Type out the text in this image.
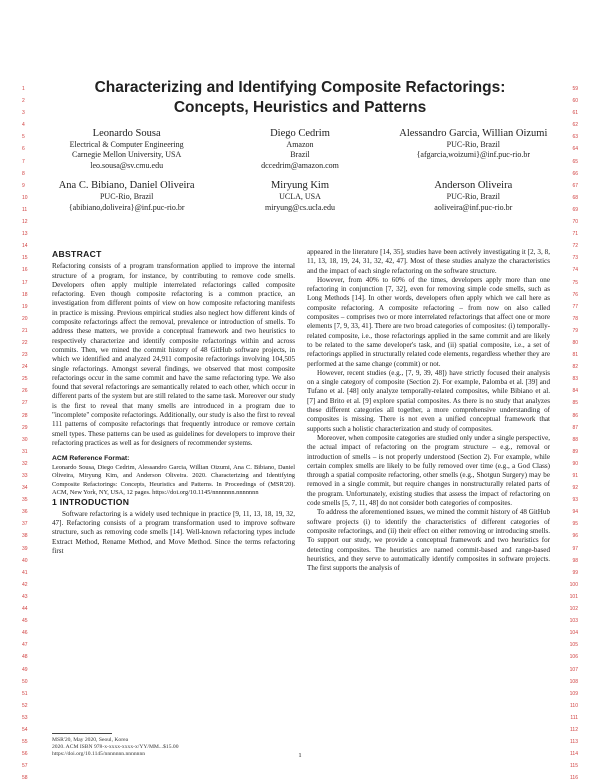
Characterizing and Identifying Composite Refactorings: Concepts, Heuristics and Patterns
Leonardo Sousa
Electrical & Computer Engineering
Carnegie Mellon University, USA
leo.sousa@sv.cmu.edu
Diego Cedrim
Amazon
Brazil
dccedrim@amazon.com
Alessandro Garcia, Willian Oizumi
PUC-Rio, Brazil
{afgarcia,woizumi}@inf.puc-rio.br
Ana C. Bibiano, Daniel Oliveira
PUC-Rio, Brazil
{abibiano,doliveira}@inf.puc-rio.br
Miryung Kim
UCLA, USA
miryung@cs.ucla.edu
Anderson Oliveira
PUC-Rio, Brazil
aoliveira@inf.puc-rio.br
1
2
3
4
5
6
7
8
9
10
11
12
13
14
15
16
17
18
19
20
21
22
23
24
25
26
27
28
29
30
31
32
33
34
35
36
37
38
39
40
41
42
43
44
45
46
47
48
49
50
51
52
53
54
55
56
57
58
59
60
61
62
63
64
65
66
67
68
69
70
71
72
73
74
75
76
77
78
79
80
81
82
83
84
85
86
87
88
89
90
91
92
93
94
95
96
97
98
99
100
101
102
103
104
105
106
107
108
109
110
111
112
113
114
115
116
ABSTRACT

Refactoring consists of a program transformation applied to improve the internal structure of a program, for instance, by contributing to remove code smells. Developers often apply multiple interrelated refactorings called composite refactoring. Even though composite refactoring is a common practice, an investigation from different points of view on how composite refactoring manifests in practice is missing. Previous empirical studies also neglect how different kinds of composite refactorings affect the removal, prevalence or introduction of smells. To address these matters, we provide a conceptual framework and two heuristics to respectively characterize and identify composite refactorings within and across commits. Then, we mined the commit history of 48 GitHub software projects, in which we identified and analyzed 24,911 composite refactorings involving 104,505 single refactorings. Amongst several findings, we observed that most composite refactorings occur in the same commit and have the same refactoring type. We also found that several refactorings are semantically related to each other, which occur in different parts of the system but are still related to the same task. Moreover our study is the first to reveal that many smells are introduced in a program due to "incomplete" composite refactorings. Additionally, our study is also the first to reveal 111 patterns of composite refactorings that frequently introduce or remove certain smell types. These patterns can be used as guidelines for developers to improve their refactoring practices as well as for designers of recommender systems.

ACM Reference Format:

Leonardo Sousa, Diego Cedrim, Alessandro Garcia, Willian Oizumi, Ana C. Bibiano, Daniel Oliveira, Miryung Kim, and Anderson Oliveira. 2020. Characterizing and Identifying Composite Refactorings: Concepts, Heuristics and Patterns. In Proceedings of (MSR'20). ACM, New York, NY, USA, 12 pages. https://doi.org/10.1145/nnnnnnn.nnnnnnn

1 INTRODUCTION

Software refactoring is a widely used technique in practice [9, 11, 13, 18, 19, 32, 47]. Refactoring consists of a program transformation used to improve software structure, such as removing code smells [14]. Well-known refactoring types include Extract Method, Rename Method, and Move Method. Since the terms refactoring first

appeared in the literature [14, 35], studies have been actively investigating it [2, 3, 8, 11, 13, 18, 19, 24, 31, 32, 42, 47]. Most of these studies analyze the characteristics and the impact of each single refactoring on the software structure.

However, from 40% to 60% of the times, developers apply more than one refactoring in conjunction [7, 32], even for removing simple code smells, such as Long Methods [14]. In other words, developers often apply which we call here as composite refactoring. A composite refactoring – from now on also called composites – comprises two or more interrelated refactorings that affect one or more elements [7, 9, 33, 41]. There are two broad categories of composites: (i) temporally-related composite, i.e., those refactorings applied in the same commit and are likely to be related to the same developer's task, and (ii) spatial composite, i.e., a set of refactorings applied in structurally related code elements, regardless whether they are performed at the same change (commit) or not.

However, recent studies (e.g., [7, 9, 39, 48]) have strictly focused their analysis on a single category of composite (Section 2). For example, Palomba et al. [39] and Tufano et al. [48] only analyze temporally-related composites, while Bibiano et al. [7] and Brito et al. [9] explore spatial composites. As there is no study that analyzes these different categories all together, a more comprehensive understanding of composites is missing. There is not even a unified conceptual framework that supports such a holistic characterization and study of composites.

Moreover, when composite categories are studied only under a single perspective, the actual impact of refactoring on the program structure – e.g., removal or introduction of smells – is not properly understood (Section 2). For example, while certain complex smells are likely to be fully removed over time (e.g., a God Class) through a spatial composite refactoring, other smells (e.g., Shotgun Surgery) may be removed in a single commit, but require changes in nonstructurally related parts of the program. Unfortunately, existing studies that assess the impact of refactoring on code smells [5, 7, 11, 48] do not consider both categories of composites.

To address the aforementioned issues, we mined the commit history of 48 GitHub software projects (i) to identify the characteristics of different categories of composite refactorings, and (ii) their effect on either removing or introducing smells. To support our study, we provide a conceptual framework and two heuristics for detecting composites. The heuristics are named commit-based and range-based heuristics, and they serve to automatically identify composites in software projects. The first supports the analysis of

MSR'20, May 2020, Seoul, Korea
2020. ACM ISBN 978-x-xxxx-xxxx-x/YY/MM...$15.00
https://doi.org/10.1145/nnnnnnn.nnnnnnn	1
